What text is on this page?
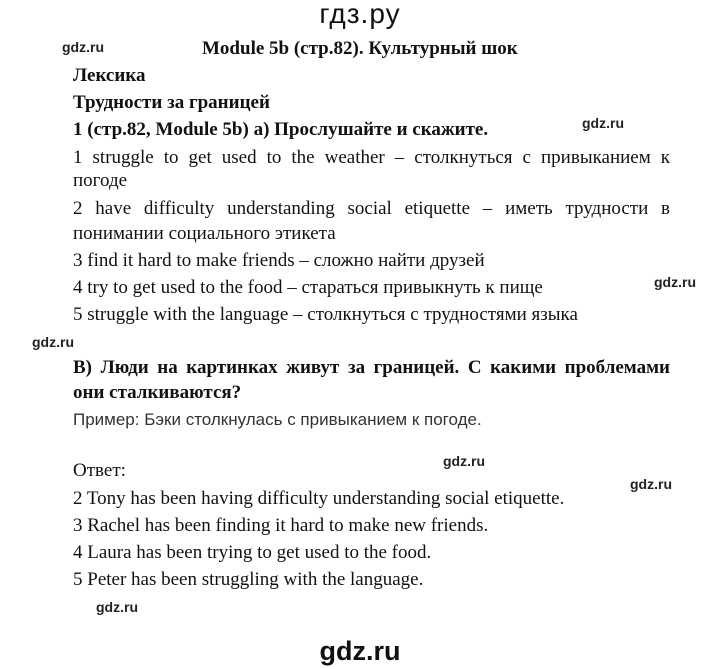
гдз.ру
gdz.ru
gdz.ru
gdz.ru
gdz.ru
gdz.ru
gdz.ru
gdz.ru
Module 5b (стр.82). Культурный шок
Лексика
Трудности за границей
1 (стр.82, Module 5b) а) Прослушайте и скажите.
1 struggle to get used to the weather – столкнуться с привыканием к
погоде
2 have difficulty understanding social etiquette – иметь трудности в
понимании социального этикета
3 find it hard to make friends – сложно найти друзей
4 try to get used to the food – стараться привыкнуть к пище
5 struggle with the language – столкнуться с трудностями языка
В) Люди на картинках живут за границей. С какими проблемами
они сталкиваются?
Пример: Бэки столкнулась с привыканием к погоде.
Ответ:
2 Tony has been having difficulty understanding social etiquette.
3 Rachel has been finding it hard to make new friends.
4 Laura has been trying to get used to the food.
5 Peter has been struggling with the language.
gdz.ru
